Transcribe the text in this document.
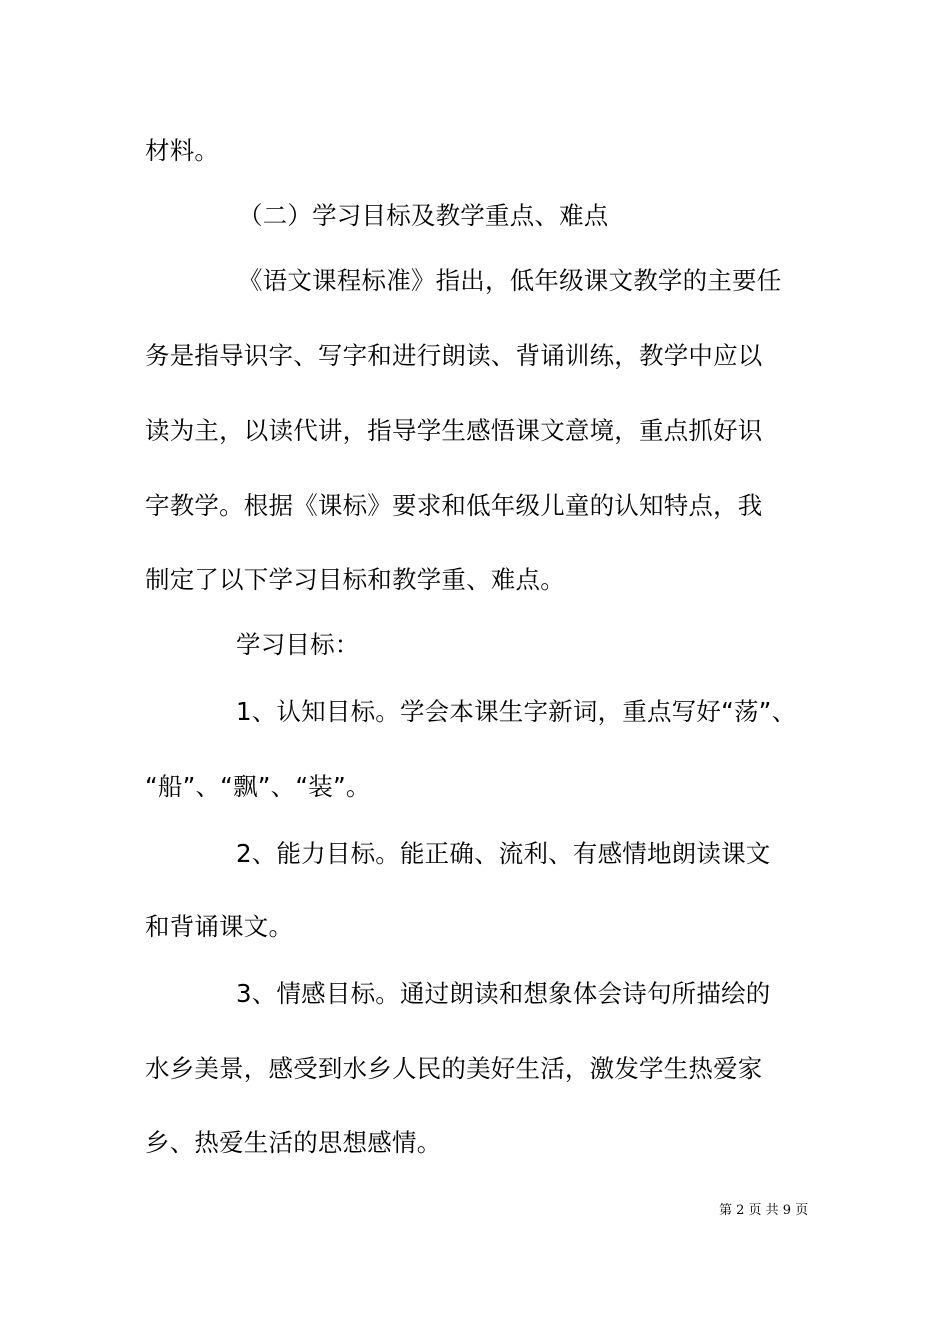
材料。
（二）学习目标及教学重点、难点
《语文课程标准》指出，低年级课文教学的主要任
务是指导识字、写字和进行朗读、背诵训练，教学中应以
读为主，以读代讲，指导学生感悟课文意境，重点抓好识
字教学。根据《课标》要求和低年级儿童的认知特点，我
制定了以下学习目标和教学重、难点。
学习目标：
1、认知目标。学会本课生字新词，重点写好“荡”、
“船”、“飘”、“装”。
2、能力目标。能正确、流利、有感情地朗读课文
和背诵课文。
3、情感目标。通过朗读和想象体会诗句所描绘的
水乡美景，感受到水乡人民的美好生活，激发学生热爱家
乡、热爱生活的思想感情。
第 2 页 共 9 页
